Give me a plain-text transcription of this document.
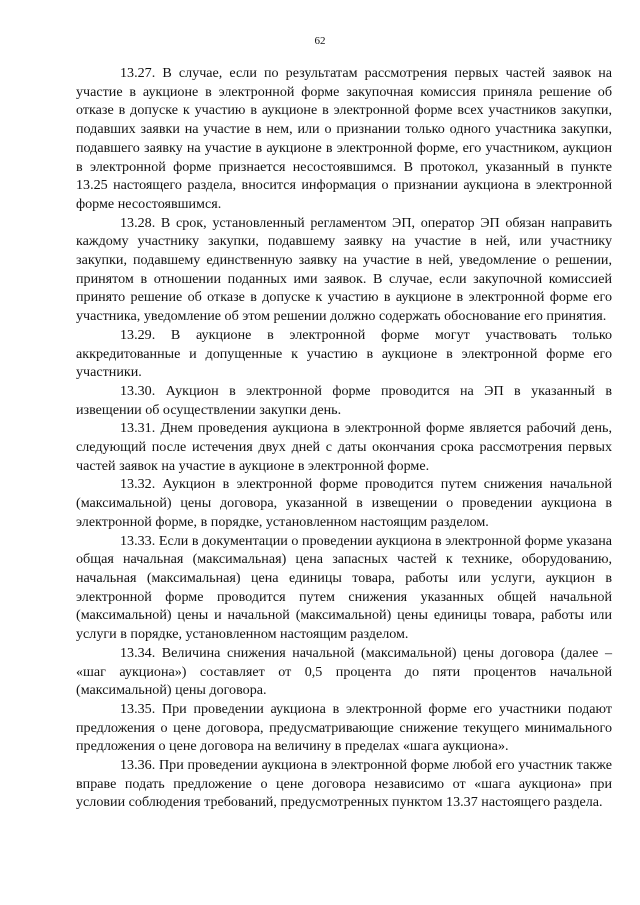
62

13.27. В случае, если по результатам рассмотрения первых частей заявок на участие в аукционе в электронной форме закупочная комиссия приняла решение об отказе в допуске к участию в аукционе в электронной форме всех участников закупки, подавших заявки на участие в нем, или о признании только одного участника закупки, подавшего заявку на участие в аукционе в электронной форме, его участником, аукцион в электронной форме признается несостоявшимся. В протокол, указанный в пункте 13.25 настоящего раздела, вносится информация о признании аукциона в электронной форме несостоявшимся.

13.28. В срок, установленный регламентом ЭП, оператор ЭП обязан направить каждому участнику закупки, подавшему заявку на участие в ней, или участнику закупки, подавшему единственную заявку на участие в ней, уведомление о решении, принятом в отношении поданных ими заявок. В случае, если закупочной комиссией принято решение об отказе в допуске к участию в аукционе в электронной форме его участника, уведомление об этом решении должно содержать обоснование его принятия.

13.29. В аукционе в электронной форме могут участвовать только аккредитованные и допущенные к участию в аукционе в электронной форме его участники.

13.30. Аукцион в электронной форме проводится на ЭП в указанный в извещении об осуществлении закупки день.

13.31. Днем проведения аукциона в электронной форме является рабочий день, следующий после истечения двух дней с даты окончания срока рассмотрения первых частей заявок на участие в аукционе в электронной форме.

13.32. Аукцион в электронной форме проводится путем снижения начальной (максимальной) цены договора, указанной в извещении о проведении аукциона в электронной форме, в порядке, установленном настоящим разделом.

13.33. Если в документации о проведении аукциона в электронной форме указана общая начальная (максимальная) цена запасных частей к технике, оборудованию, начальная (максимальная) цена единицы товара, работы или услуги, аукцион в электронной форме проводится путем снижения указанных общей начальной (максимальной) цены и начальной (максимальной) цены единицы товара, работы или услуги в порядке, установленном настоящим разделом.

13.34. Величина снижения начальной (максимальной) цены договора (далее – «шаг аукциона») составляет от 0,5 процента до пяти процентов начальной (максимальной) цены договора.

13.35. При проведении аукциона в электронной форме его участники подают предложения о цене договора, предусматривающие снижение текущего минимального предложения о цене договора на величину в пределах «шага аукциона».

13.36. При проведении аукциона в электронной форме любой его участник также вправе подать предложение о цене договора независимо от «шага аукциона» при условии соблюдения требований, предусмотренных пунктом 13.37 настоящего раздела.
